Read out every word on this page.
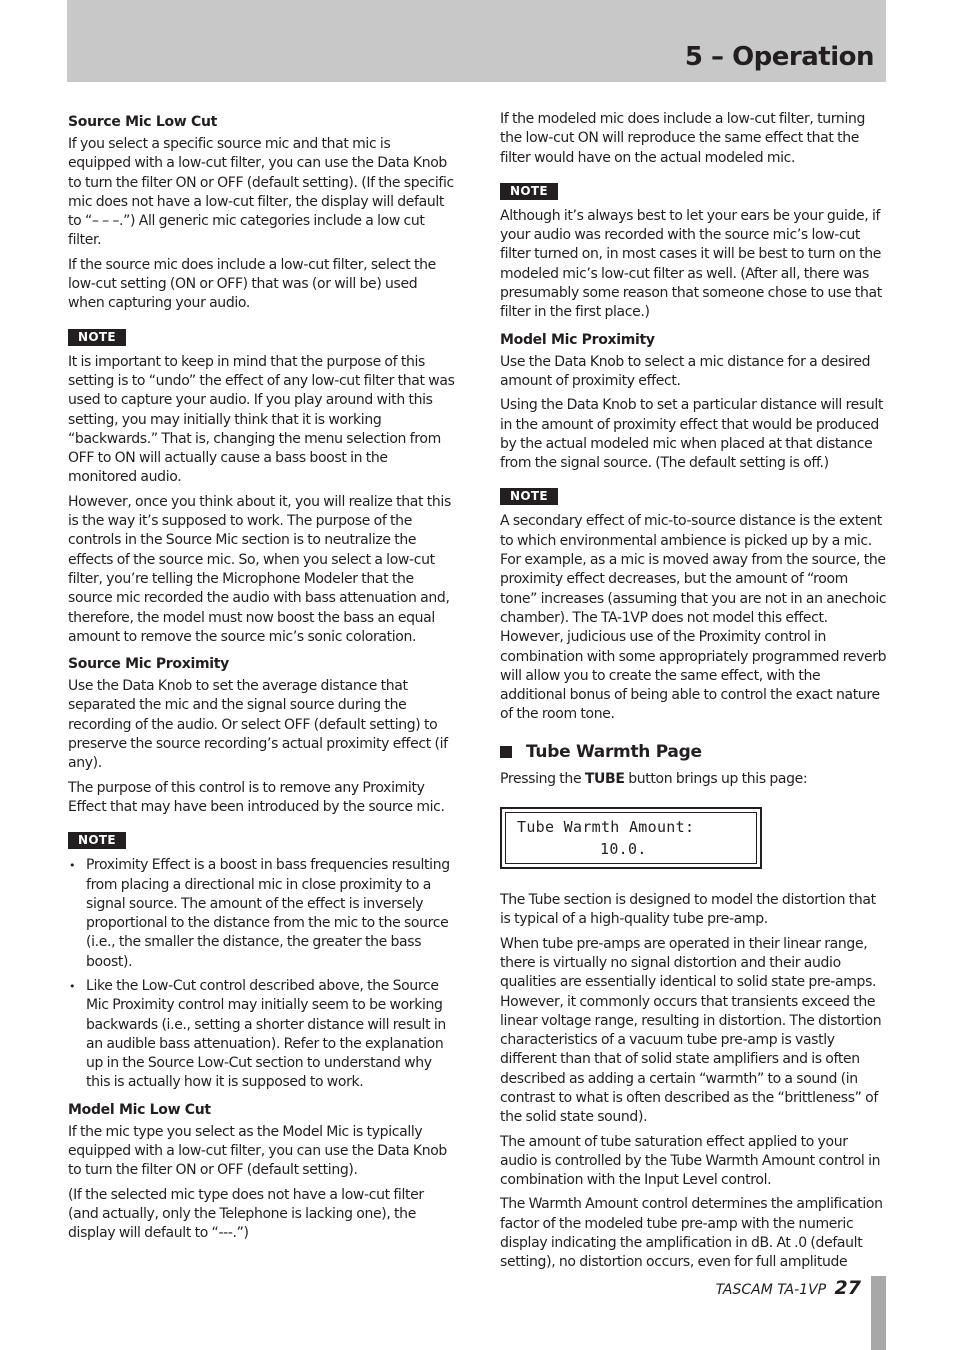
5 – Operation
Source Mic Low Cut

If you select a specific source mic and that mic is equipped with a low-cut filter, you can use the Data Knob to turn the filter ON or OFF (default setting). (If the specific mic does not have a low-cut filter, the display will default to “– – –.”) All generic mic categories include a low cut filter.

If the source mic does include a low-cut filter, select the low-cut setting (ON or OFF) that was (or will be) used when capturing your audio.

NOTE

It is important to keep in mind that the purpose of this setting is to “undo” the effect of any low-cut filter that was used to capture your audio. If you play around with this setting, you may initially think that it is working “backwards.” That is, changing the menu selection from OFF to ON will actually cause a bass boost in the monitored audio.

However, once you think about it, you will realize that this is the way it’s supposed to work. The purpose of the controls in the Source Mic section is to neutralize the effects of the source mic. So, when you select a low-cut filter, you’re telling the Microphone Modeler that the source mic recorded the audio with bass attenuation and, therefore, the model must now boost the bass an equal amount to remove the source mic’s sonic coloration.

Source Mic Proximity

Use the Data Knob to set the average distance that separated the mic and the signal source during the recording of the audio. Or select OFF (default setting) to preserve the source recording’s actual proximity effect (if any).

The purpose of this control is to remove any Proximity Effect that may have been introduced by the source mic.

NOTE
• Proximity Effect is a boost in bass frequencies resulting from placing a directional mic in close proximity to a signal source. The amount of the effect is inversely proportional to the distance from the mic to the source (i.e., the smaller the distance, the greater the bass boost).
• Like the Low-Cut control described above, the Source Mic Proximity control may initially seem to be working backwards (i.e., setting a shorter distance will result in an audible bass attenuation). Refer to the explanation up in the Source Low-Cut section to understand why this is actually how it is supposed to work.
Model Mic Low Cut

If the mic type you select as the Model Mic is typically equipped with a low-cut filter, you can use the Data Knob to turn the filter ON or OFF (default setting).

(If the selected mic type does not have a low-cut filter (and actually, only the Telephone is lacking one), the display will default to “---.”)

If the modeled mic does include a low-cut filter, turning the low-cut ON will reproduce the same effect that the filter would have on the actual modeled mic.

NOTE

Although it’s always best to let your ears be your guide, if your audio was recorded with the source mic’s low-cut filter turned on, in most cases it will be best to turn on the modeled mic’s low-cut filter as well. (After all, there was presumably some reason that someone chose to use that filter in the first place.)

Model Mic Proximity

Use the Data Knob to select a mic distance for a desired amount of proximity effect.

Using the Data Knob to set a particular distance will result in the amount of proximity effect that would be produced by the actual modeled mic when placed at that distance from the signal source. (The default setting is off.)

NOTE

A secondary effect of mic-to-source distance is the extent to which environmental ambience is picked up by a mic. For example, as a mic is moved away from the source, the proximity effect decreases, but the amount of “room tone” increases (assuming that you are not in an anechoic chamber). The TA-1VP does not model this effect. However, judicious use of the Proximity control in combination with some appropriately programmed reverb will allow you to create the same effect, with the additional bonus of being able to control the exact nature of the room tone.

Tube Warmth Page

Pressing the TUBE button brings up this page:

Tube Warmth Amount:
10.0.

The Tube section is designed to model the distortion that is typical of a high-quality tube pre-amp.

When tube pre-amps are operated in their linear range, there is virtually no signal distortion and their audio qualities are essentially identical to solid state pre-amps. However, it commonly occurs that transients exceed the linear voltage range, resulting in distortion. The distortion characteristics of a vacuum tube pre-amp is vastly different than that of solid state amplifiers and is often described as adding a certain “warmth” to a sound (in contrast to what is often described as the “brittleness” of the solid state sound).

The amount of tube saturation effect applied to your audio is controlled by the Tube Warmth Amount control in combination with the Input Level control.

The Warmth Amount control determines the amplification factor of the modeled tube pre-amp with the numeric display indicating the amplification in dB. At .0 (default setting), no distortion occurs, even for full amplitude

TASCAM TA-1VP 27
